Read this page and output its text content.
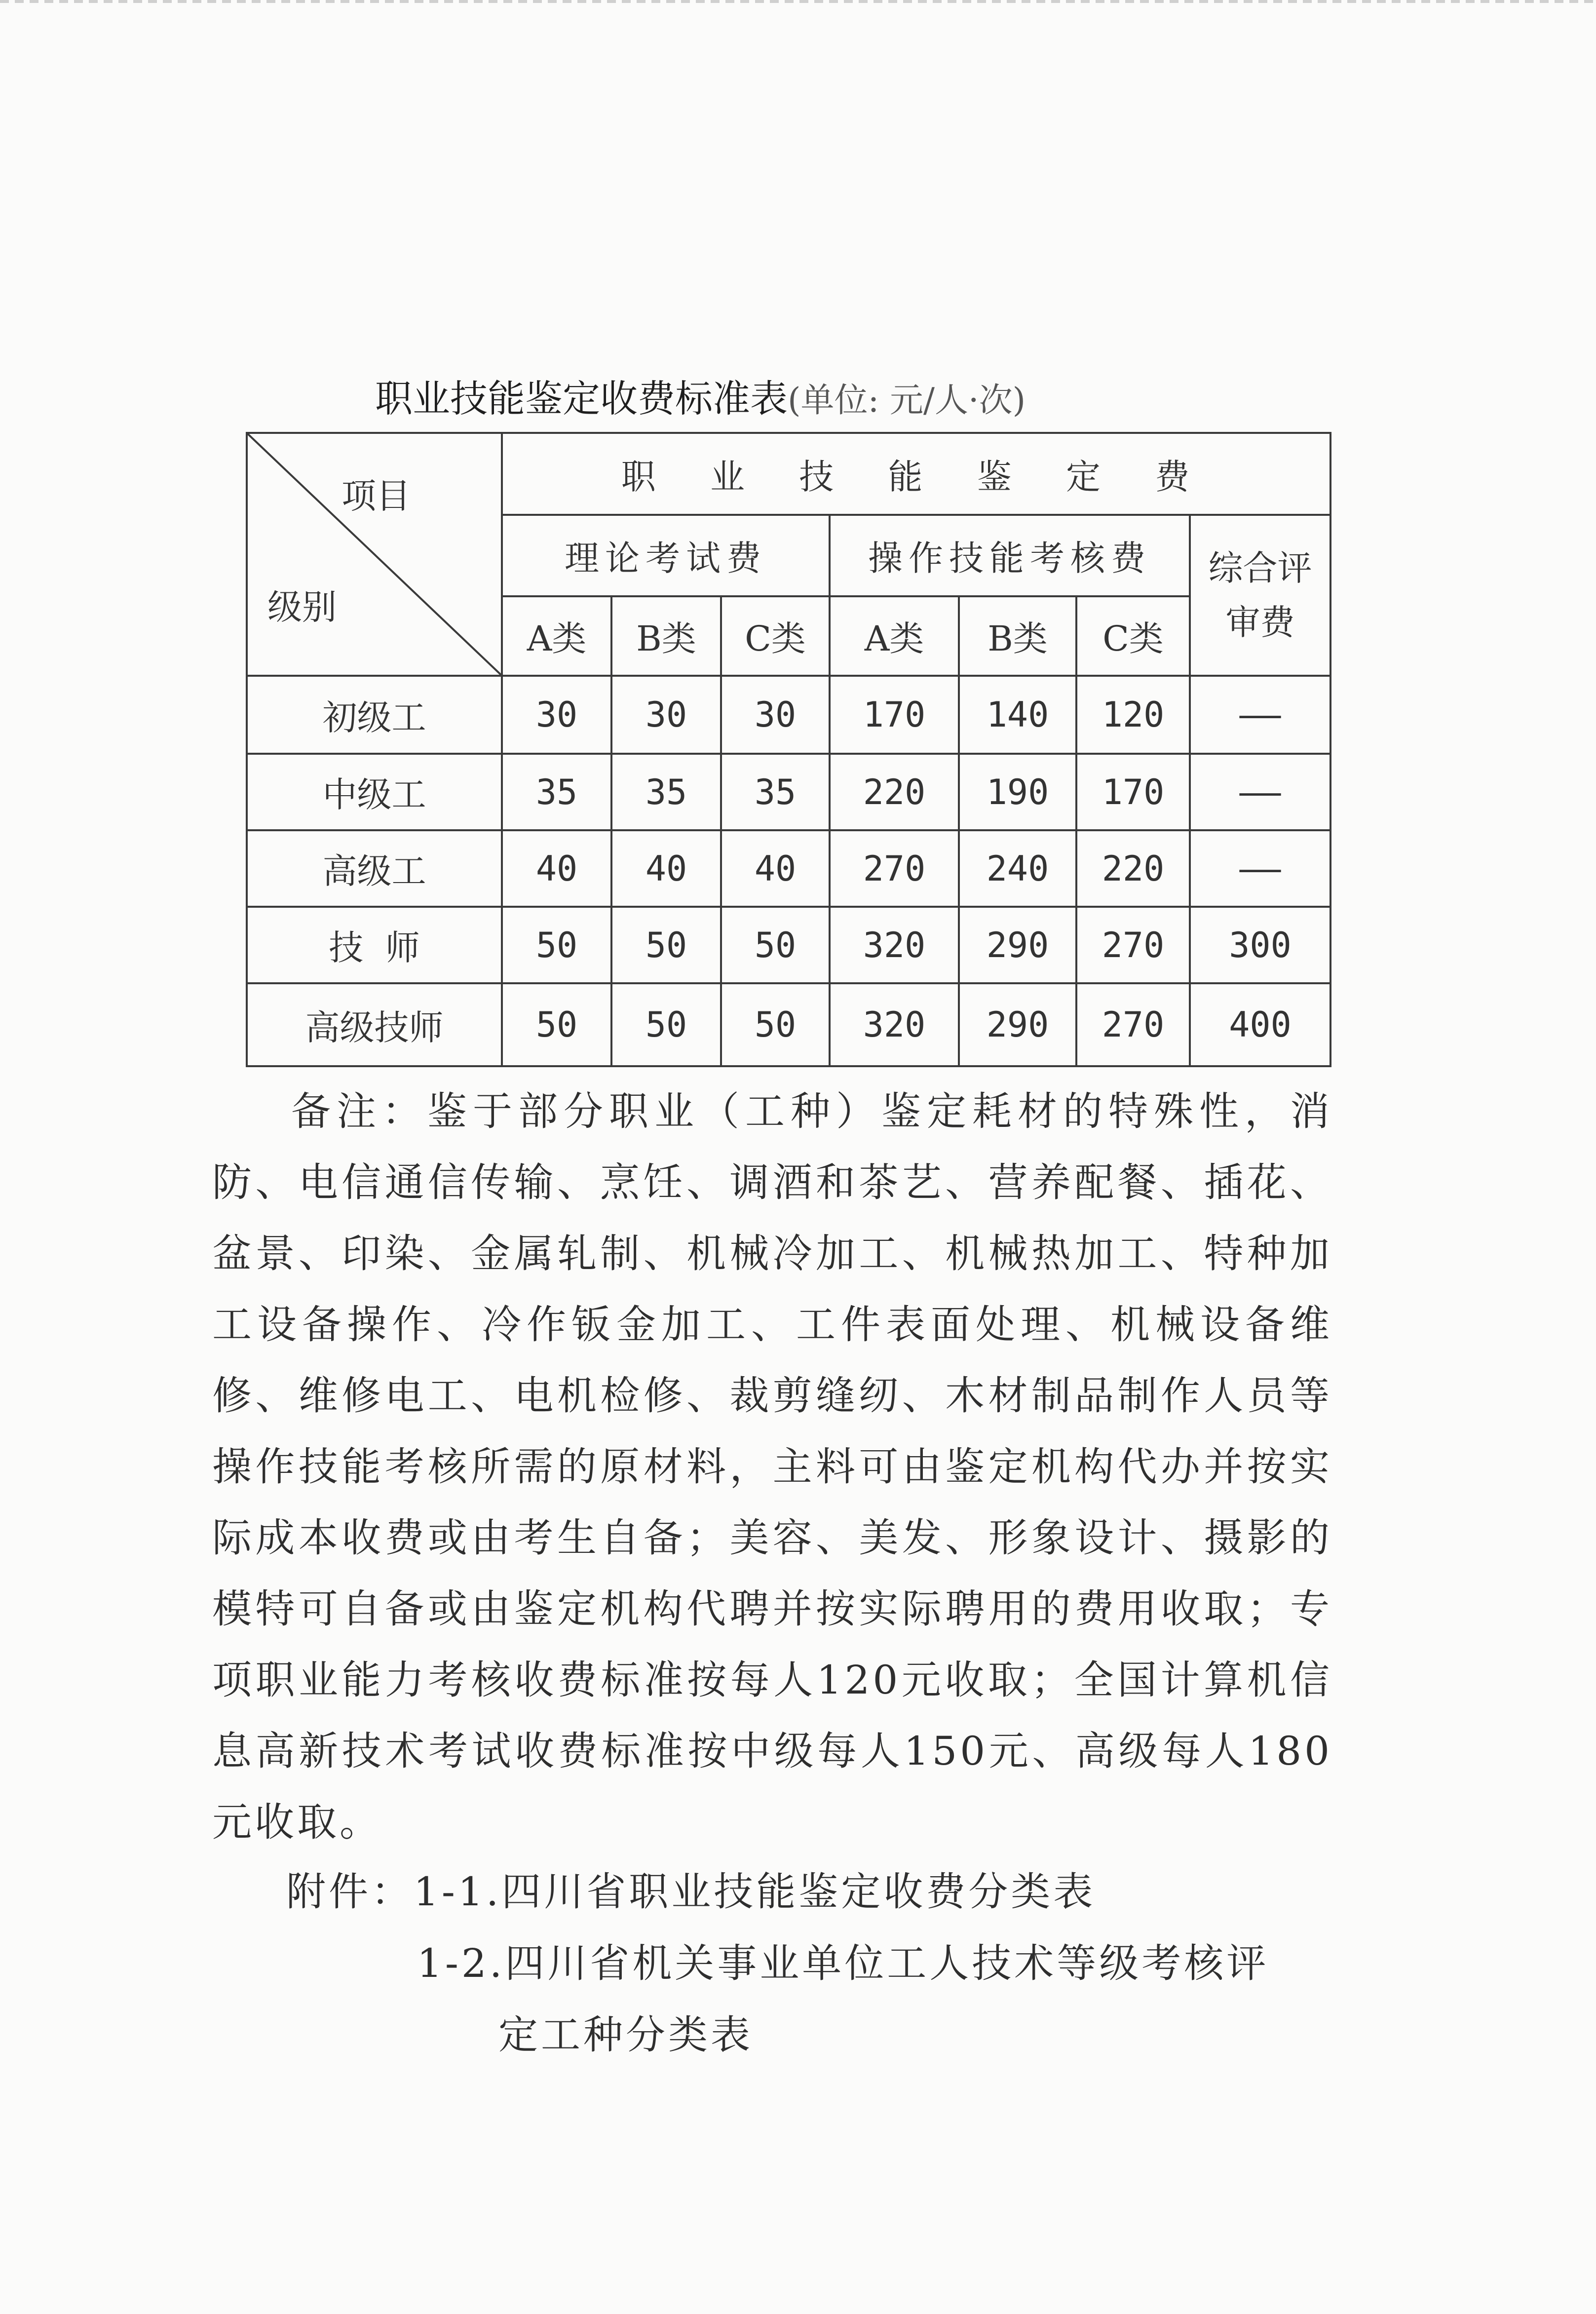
职业技能鉴定收费标准表(单位: 元/人·次)
项目
级别	职 业 技 能 鉴 定 费						
	理论考试费			操作技能考核费			综合评审费
	A类	B类	C类	A类	B类	C类	
初级工	30	30	30	170	140	120	——
中级工	35	35	35	220	190	170	——
高级工	40	40	40	270	240	220	——
技  师	50	50	50	320	290	270	300
高级技师	50	50	50	320	290	270	400

备注：鉴于部分职业（工种）鉴定耗材的特殊性，消防、电信通信传输、烹饪、调酒和茶艺、营养配餐、插花、盆景、印染、金属轧制、机械冷加工、机械热加工、特种加工设备操作、冷作钣金加工、工件表面处理、机械设备维修、维修电工、电机检修、裁剪缝纫、木材制品制作人员等操作技能考核所需的原材料，主料可由鉴定机构代办并按实际成本收费或由考生自备；美容、美发、形象设计、摄影的模特可自备或由鉴定机构代聘并按实际聘用的费用收取；专项职业能力考核收费标准按每人120元收取；全国计算机信息高新技术考试收费标准按中级每人150元、高级每人180元收取。

附件：1-1.四川省职业技能鉴定收费分类表
1-2.四川省机关事业单位工人技术等级考核评
定工种分类表
